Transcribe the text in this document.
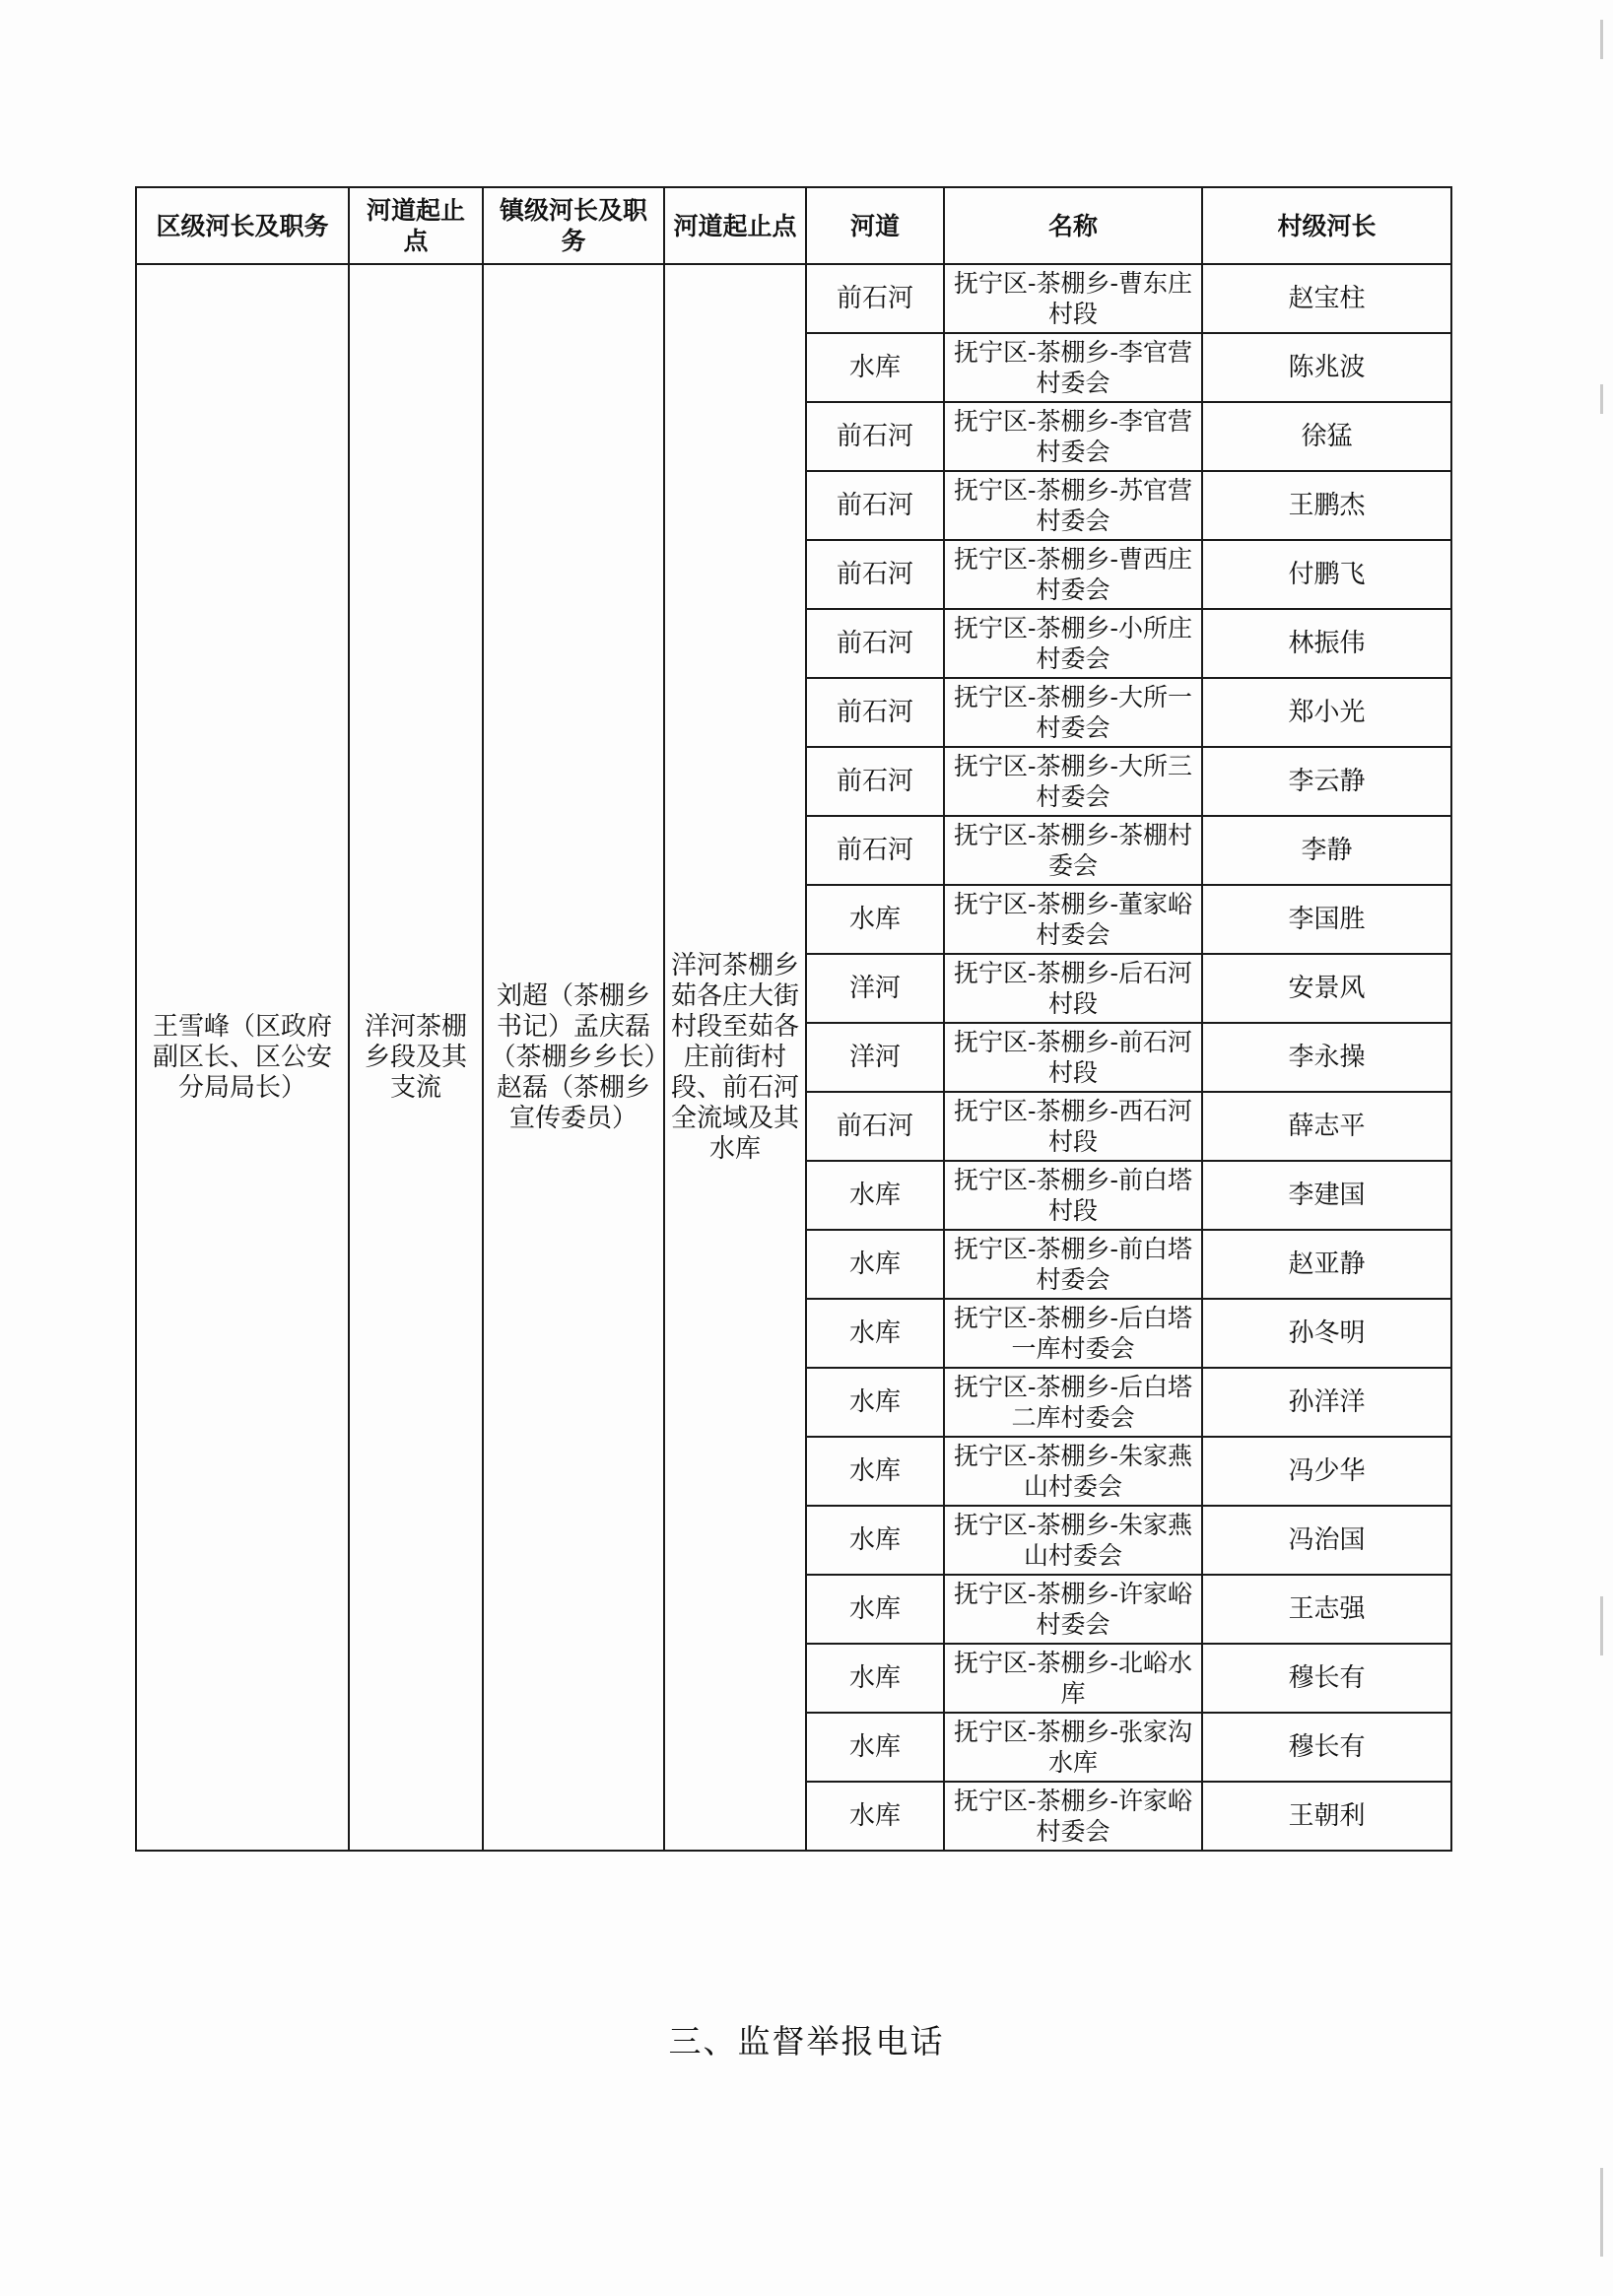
区级河长及职务	河道起止点	镇级河长及职务	河道起止点	河道	名称	村级河长
王雪峰（区政府副区长、区公安分局局长）	洋河茶棚乡段及其支流	刘超（茶棚乡书记）孟庆磊（茶棚乡乡长）赵磊（茶棚乡宣传委员）	洋河茶棚乡茹各庄大街村段至茹各庄前街村段、前石河全流域及其水库	前石河	抚宁区-茶棚乡-曹东庄村段	赵宝柱
				水库	抚宁区-茶棚乡-李官营村委会	陈兆波
				前石河	抚宁区-茶棚乡-李官营村委会	徐猛
				前石河	抚宁区-茶棚乡-苏官营村委会	王鹏杰
				前石河	抚宁区-茶棚乡-曹西庄村委会	付鹏飞
				前石河	抚宁区-茶棚乡-小所庄村委会	林振伟
				前石河	抚宁区-茶棚乡-大所一村委会	郑小光
				前石河	抚宁区-茶棚乡-大所三村委会	李云静
				前石河	抚宁区-茶棚乡-茶棚村委会	李静
				水库	抚宁区-茶棚乡-董家峪村委会	李国胜
				洋河	抚宁区-茶棚乡-后石河村段	安景风
				洋河	抚宁区-茶棚乡-前石河村段	李永操
				前石河	抚宁区-茶棚乡-西石河村段	薛志平
				水库	抚宁区-茶棚乡-前白塔村段	李建国
				水库	抚宁区-茶棚乡-前白塔村委会	赵亚静
				水库	抚宁区-茶棚乡-后白塔一库村委会	孙冬明
				水库	抚宁区-茶棚乡-后白塔二库村委会	孙洋洋
				水库	抚宁区-茶棚乡-朱家燕山村委会	冯少华
				水库	抚宁区-茶棚乡-朱家燕山村委会	冯治国
				水库	抚宁区-茶棚乡-许家峪村委会	王志强
				水库	抚宁区-茶棚乡-北峪水库	穆长有
				水库	抚宁区-茶棚乡-张家沟水库	穆长有
				水库	抚宁区-茶棚乡-许家峪村委会	王朝利
三、监督举报电话
